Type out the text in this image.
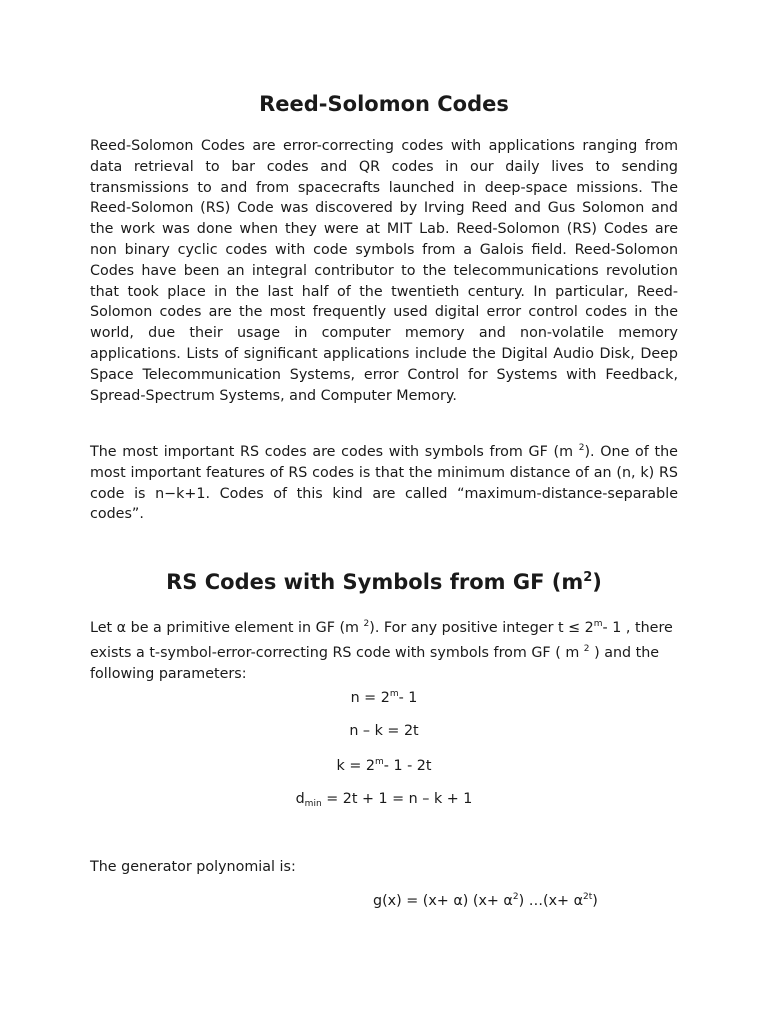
Reed-Solomon Codes

Reed-Solomon Codes are error-correcting codes with applications ranging from data retrieval to bar codes and QR codes in our daily lives to sending transmissions to and from spacecrafts launched in deep-space missions. The Reed-Solomon (RS) Code was discovered by Irving Reed and Gus Solomon and the work was done when they were at MIT Lab. Reed-Solomon (RS) Codes are non binary cyclic codes with code symbols from a Galois field. Reed-Solomon Codes have been an integral contributor to the telecommunications revolution that took place in the last half of the twentieth century. In particular, Reed-Solomon codes are the most frequently used digital error control codes in the world, due their usage in computer memory and non-volatile memory applications. Lists of significant applications include the Digital Audio Disk, Deep Space Telecommunication Systems, error Control for Systems with Feedback, Spread-Spectrum Systems, and Computer Memory.

The most important RS codes are codes with symbols from GF (m $^2$). One of the most important features of RS codes is that the minimum distance of an (n, k) RS code is n−k+1. Codes of this kind are called “maximum-distance-separable codes”.

RS Codes with Symbols from GF $(m^2)$

Let α be a primitive element in GF (m $^2$). For any positive integer $t \le 2^m-$ 1 , there exists a t-symbol-error-correcting RS code with symbols from GF ( m $^2$ ) and the following parameters:

$n = 2^m-$ 1

n – k = 2t

$k = 2^m-$ 1 - 2t

$d_{min} = 2t + 1 = n - k + 1$

The generator polynomial is:

g(x) = (x+ α) $(x+ \alpha^2)$ …(x+ $\alpha^{2t}$)
